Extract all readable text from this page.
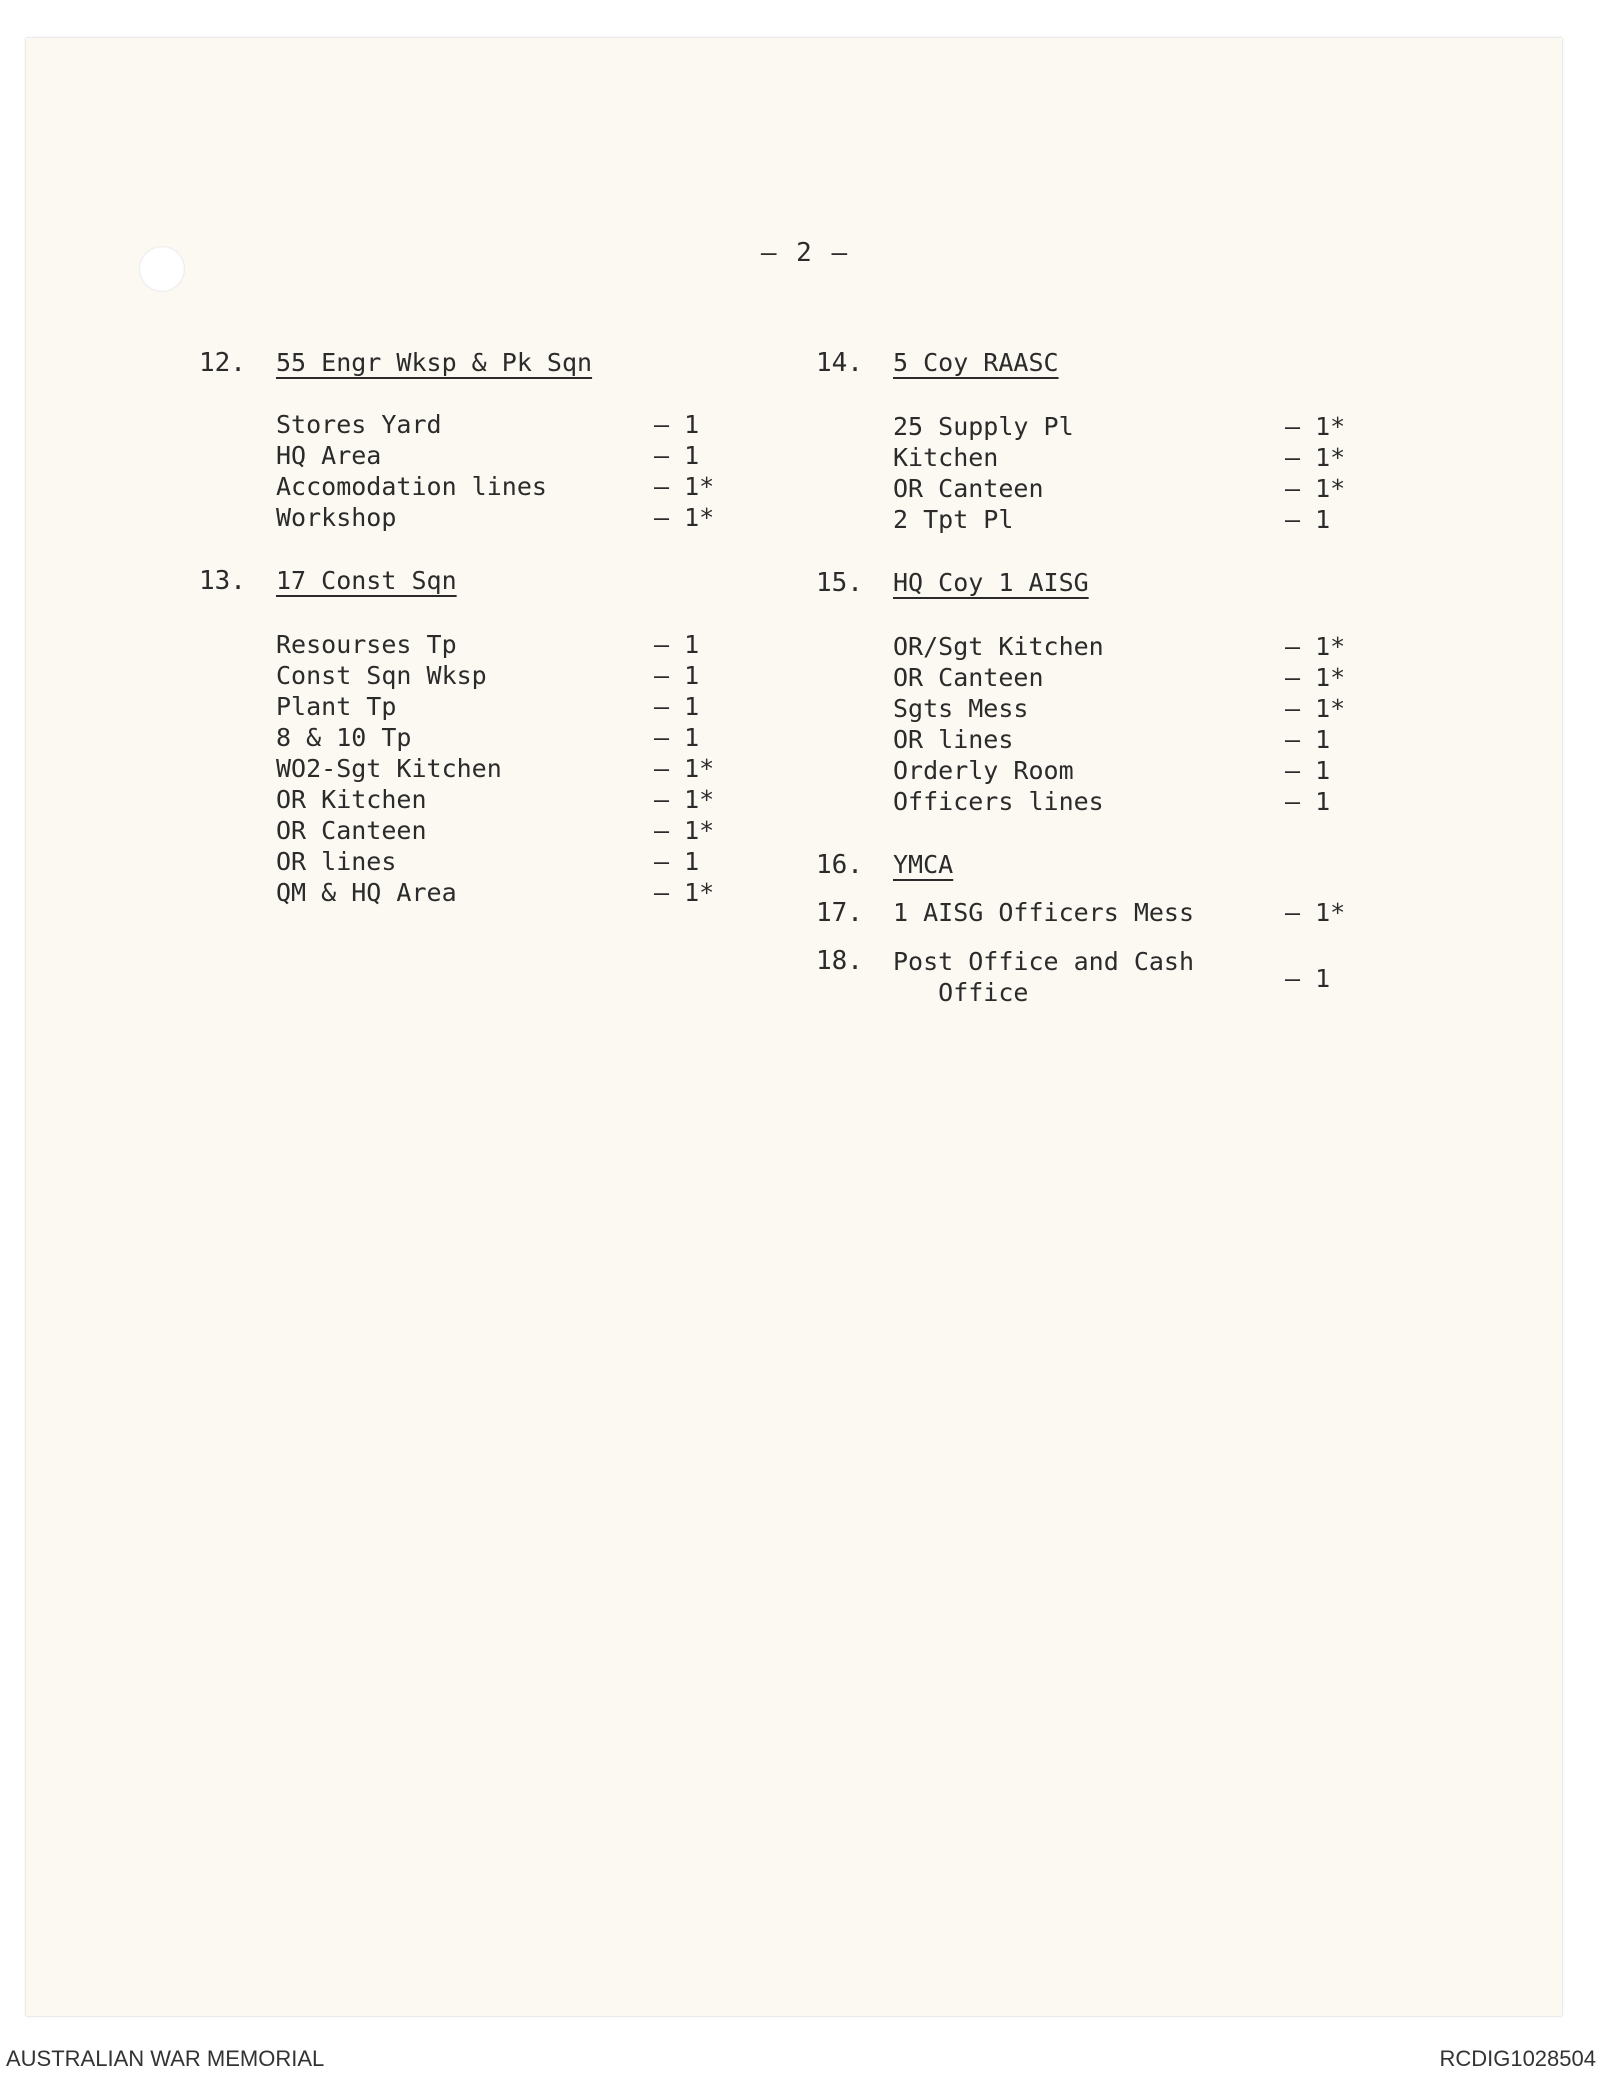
– 2 –
12. 55 Engr Wksp & Pk Sqn
Stores Yard	– 1
HQ Area	– 1
Accomodation lines	– 1*
Workshop	– 1*
13. 17 Const Sqn
Resourses Tp	– 1
Const Sqn Wksp	– 1
Plant Tp	– 1
8 & 10 Tp	– 1
WO2-Sgt Kitchen	– 1*
OR Kitchen	– 1*
OR Canteen	– 1*
OR lines	– 1
QM & HQ Area	– 1*
14. 5 Coy RAASC
25 Supply Pl	– 1*
Kitchen	– 1*
OR Canteen	– 1*
2 Tpt Pl	– 1
15. HQ Coy 1 AISG
OR/Sgt Kitchen	– 1*
OR Canteen	– 1*
Sgts Mess	– 1*
OR lines	– 1
Orderly Room	– 1
Officers lines	– 1
16. YMCA
17. 1 AISG Officers Mess	– 1*
18. Post Office and Cash
Office	– 1
AUSTRALIAN WAR MEMORIAL	RCDIG1028504
